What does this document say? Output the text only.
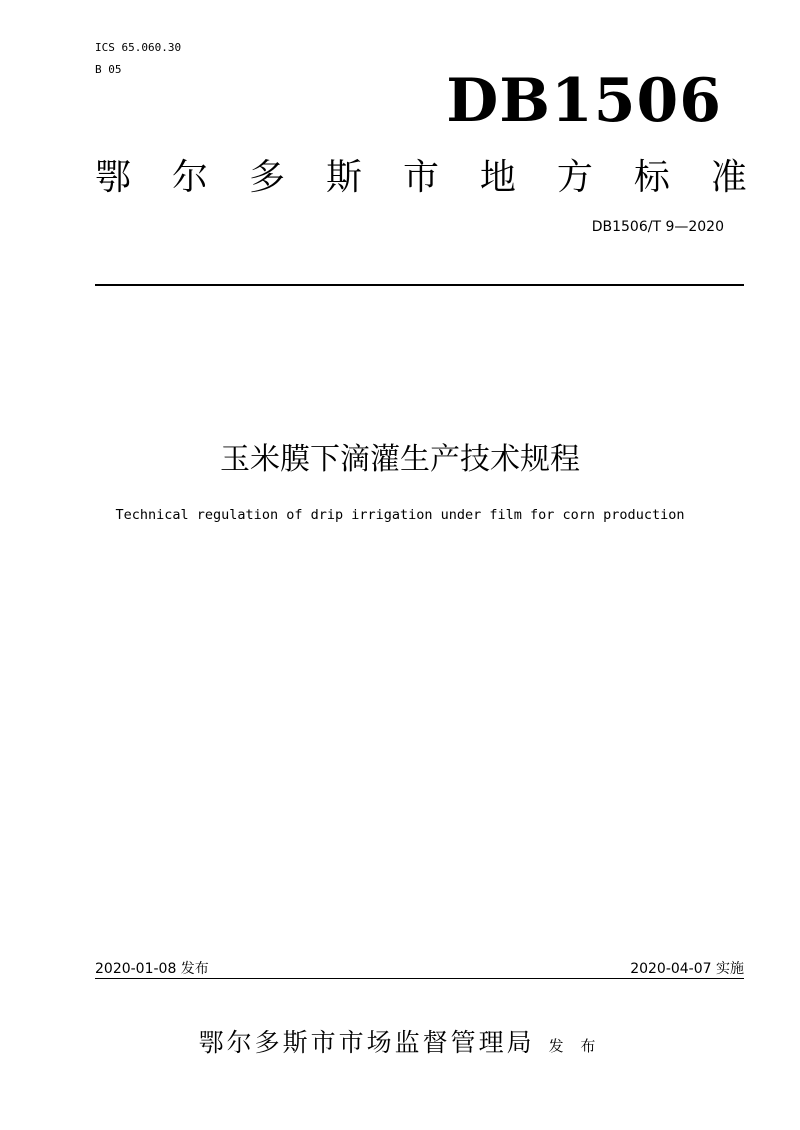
ICS 65.060.30
B 05	DB1506
鄂 尔 多 斯 市 地 方 标 准
DB1506/T 9—2020
玉米膜下滴灌生产技术规程
Technical regulation of drip irrigation under film for corn production
2020-01-08 发布	2020-04-07 实施
鄂尔多斯市市场监督管理局 发 布
